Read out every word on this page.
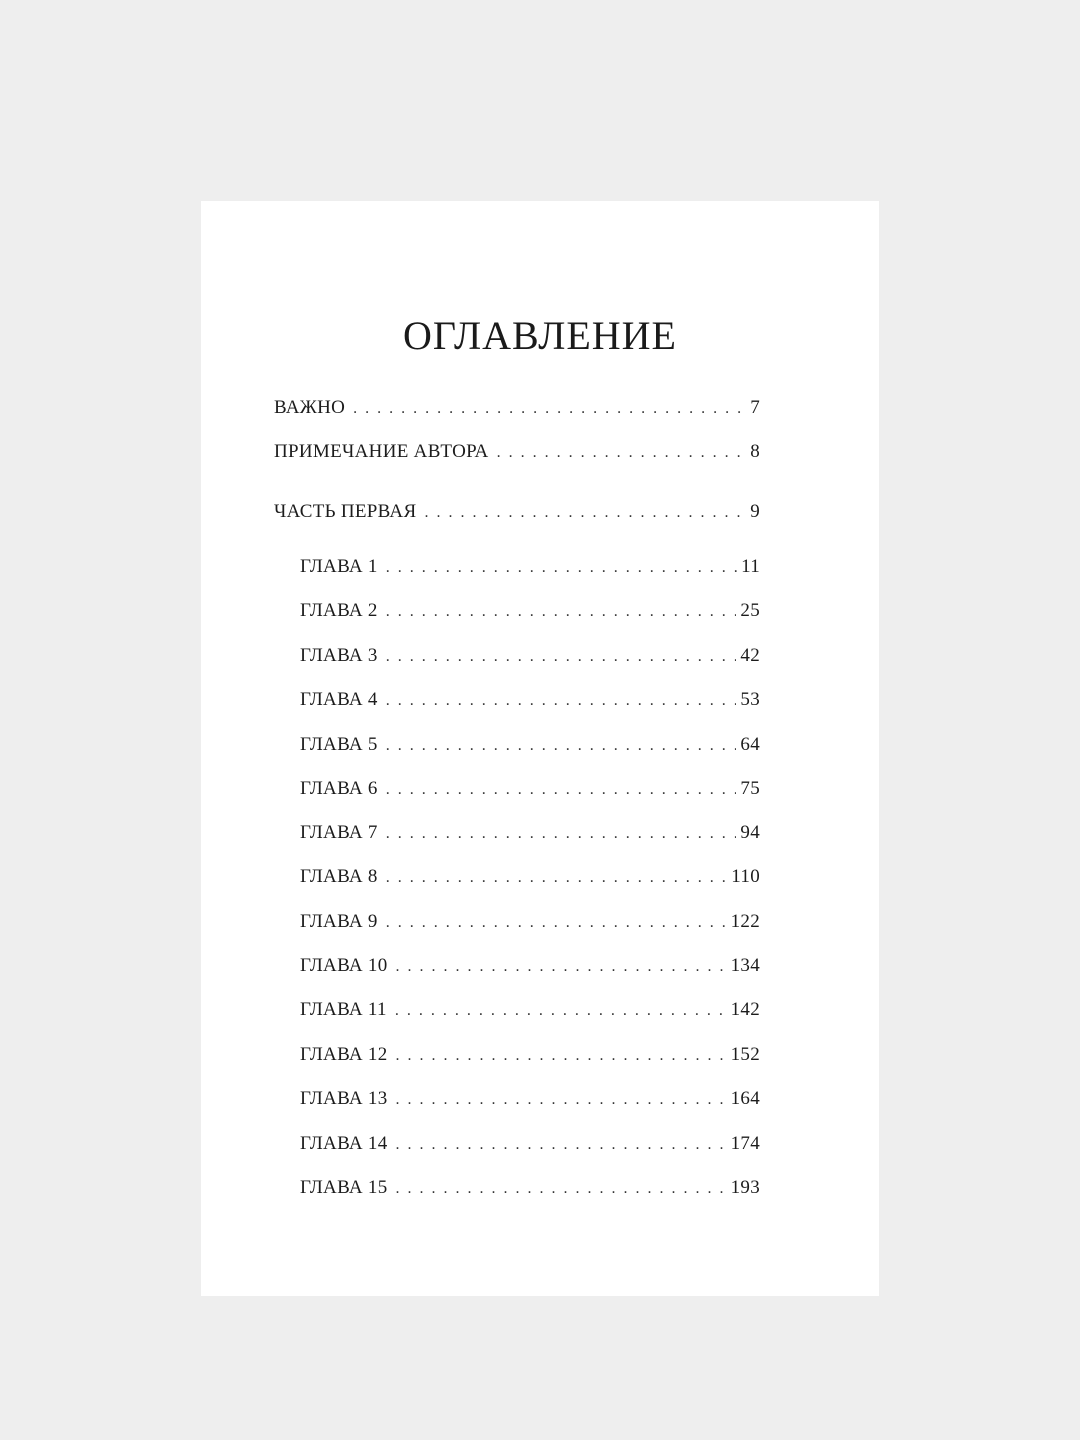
ОГЛАВЛЕНИЕ
ВАЖНО . . .	7
ПРИМЕЧАНИЕ АВТОРА . . .	8
ЧАСТЬ ПЕРВАЯ . . .	9
ГЛАВА 1 . . .	11
ГЛАВА 2 . . .	25
ГЛАВА 3 . . .	42
ГЛАВА 4 . . .	53
ГЛАВА 5 . . .	64
ГЛАВА 6 . . .	75
ГЛАВА 7 . . .	94
ГЛАВА 8 . . .	110
ГЛАВА 9 . . .	122
ГЛАВА 10 . . .	134
ГЛАВА 11 . . .	142
ГЛАВА 12 . . .	152
ГЛАВА 13 . . .	164
ГЛАВА 14 . . .	174
ГЛАВА 15 . . .	193
